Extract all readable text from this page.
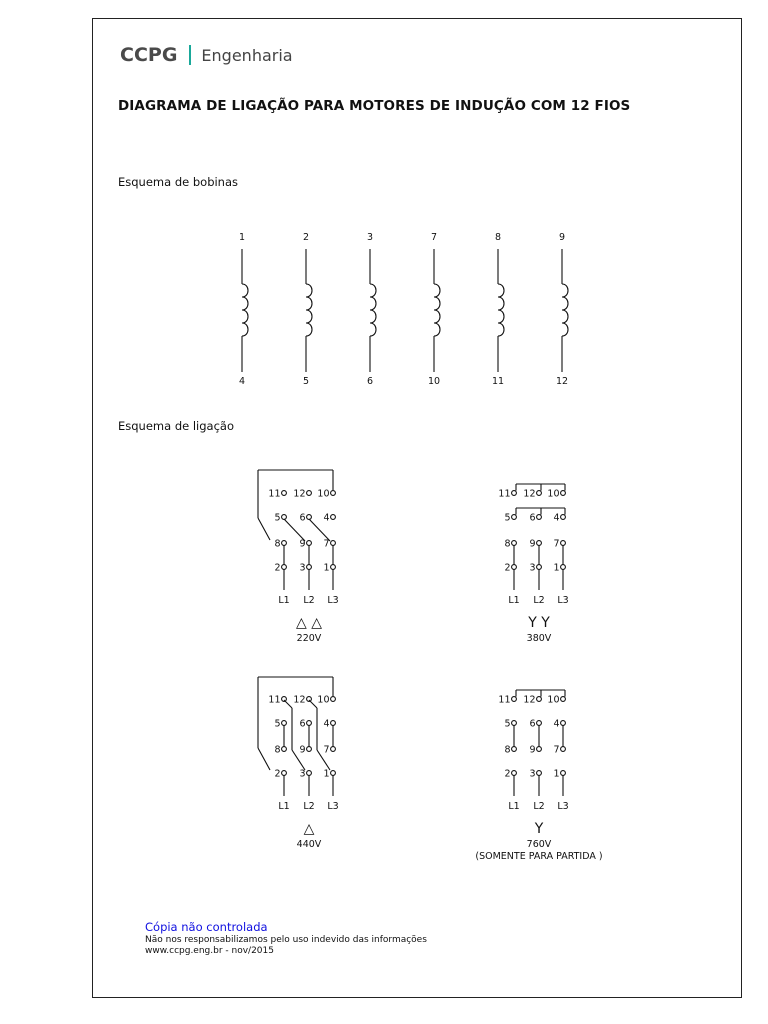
CCPG Engenharia
DIAGRAMA DE LIGAÇÃO PARA MOTORES DE INDUÇÃO COM 12 FIOS
Esquema de bobinas
Esquema de ligação
1
4
2
5
3
6
7
10
8
11
9
12
11 12 10
5 6 4
8 9 7
2 3 1
L1 L2 L3
△ △
220V
11 12 10
5 6 4
8 9 7
2 3 1
L1 L2 L3
Y Y
380V
11 12 10
5 6 4
8 9 7
2 3 1
L1 L2 L3
△
440V
11 12 10
5 6 4
8 9 7
2 3 1
L1 L2 L3
Y
760V
(SOMENTE PARA PARTIDA )
Cópia não controlada
Não nos responsabilizamos pelo uso indevido das informações
www.ccpg.eng.br - nov/2015
